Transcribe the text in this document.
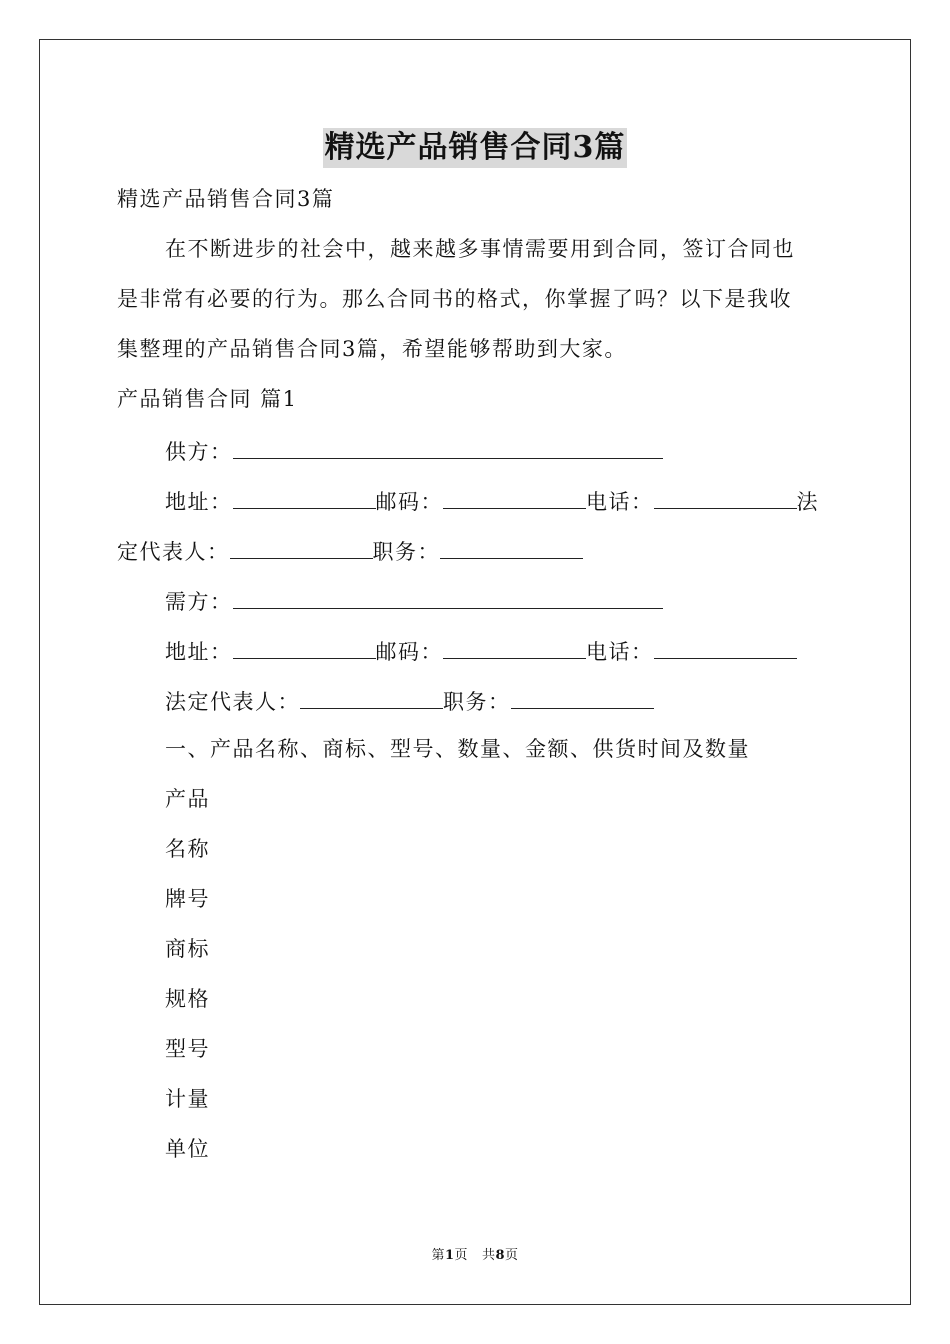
精选产品销售合同3篇
精选产品销售合同3篇
在不断进步的社会中，越来越多事情需要用到合同，签订合同也
是非常有必要的行为。那么合同书的格式，你掌握了吗？以下是我收
集整理的产品销售合同3篇，希望能够帮助到大家。
产品销售合同 篇1
供方：
地址：	邮码：	电话：	法
定代表人：	职务：
需方：
地址：	邮码：	电话：
法定代表人：	职务：
一、产品名称、商标、型号、数量、金额、供货时间及数量
产品
名称
牌号
商标
规格
型号
计量
单位
第1页 共8页
